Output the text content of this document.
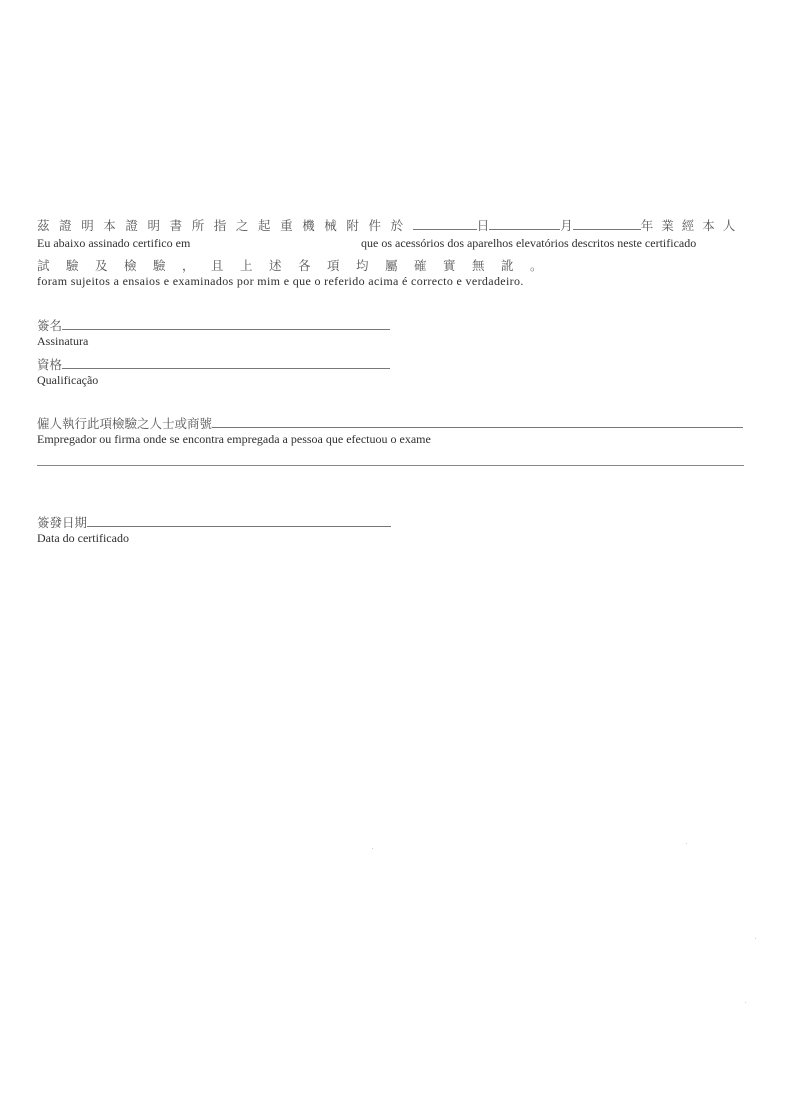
茲證明本證明書所指之起重機械附件於	日	月	年業經本人
Eu abaixo assinado certifico em	que os acessórios dos aparelhos elevatórios descritos neste certificado
試驗及檢驗，且上述各項均屬確實無訛。
foram sujeitos a ensaios e examinados por mim e que o referido acima é correcto e verdadeiro.
簽名
Assinatura
資格
Qualificação
僱人執行此項檢驗之人士或商號
Empregador ou firma onde se encontra empregada a pessoa que efectuou o exame
簽發日期
Data do certificado
